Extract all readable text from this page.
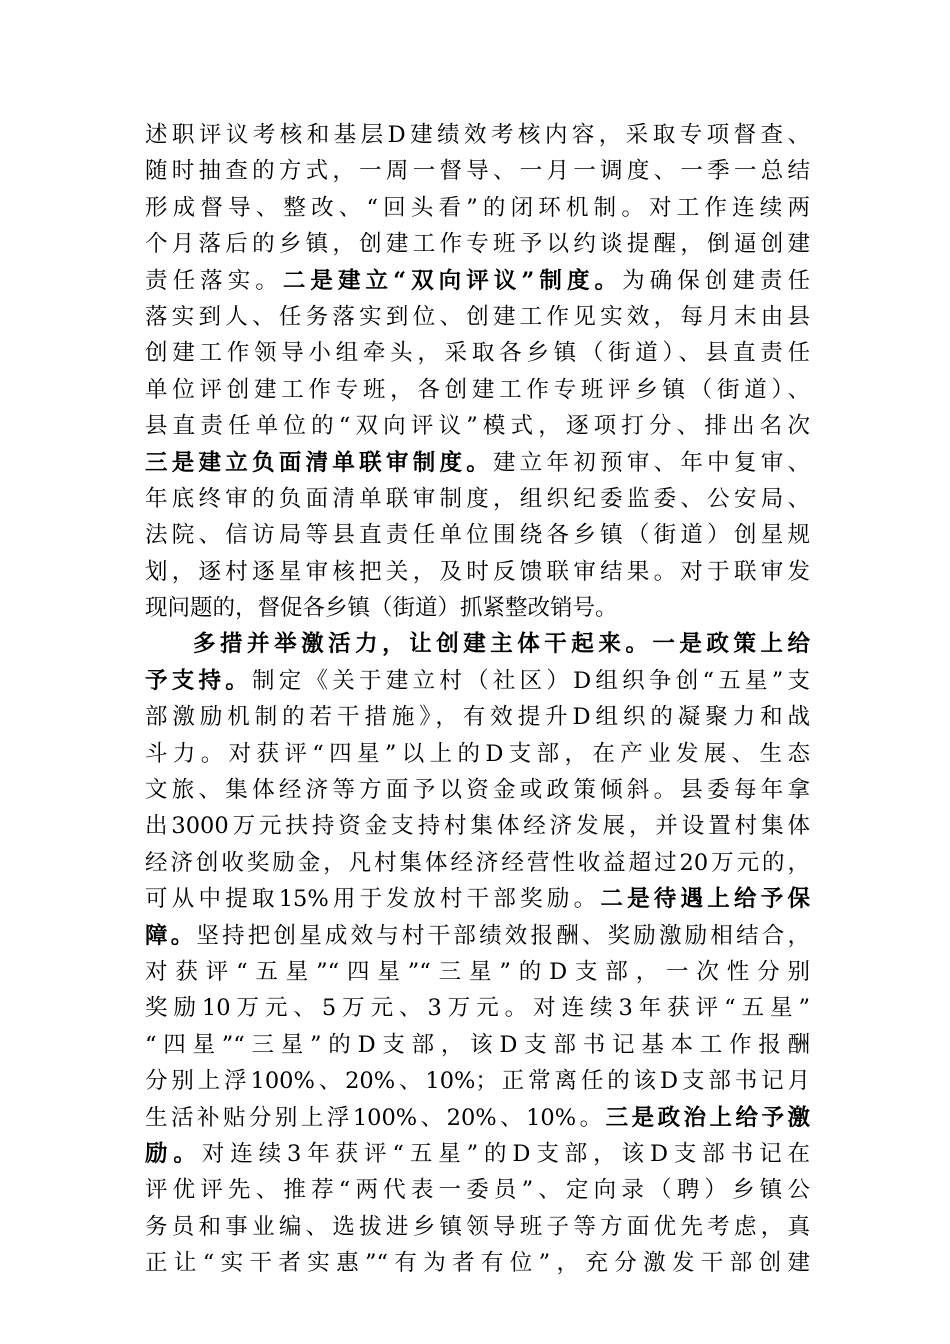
述职评议考核和基层D建绩效考核内容，采取专项督查、
随时抽查的方式，一周一督导、一月一调度、一季一总结
形成督导、整改、“回头看”的闭环机制。对工作连续两
个月落后的乡镇，创建工作专班予以约谈提醒，倒逼创建
责任落实。二是建立“双向评议”制度。为确保创建责任
落实到人、任务落实到位、创建工作见实效，每月末由县
创建工作领导小组牵头，采取各乡镇（街道）、县直责任
单位评创建工作专班，各创建工作专班评乡镇（街道）、
县直责任单位的“双向评议”模式，逐项打分、排出名次
三是建立负面清单联审制度。建立年初预审、年中复审、
年底终审的负面清单联审制度，组织纪委监委、公安局、
法院、信访局等县直责任单位围绕各乡镇（街道）创星规
划，逐村逐星审核把关，及时反馈联审结果。对于联审发
现问题的，督促各乡镇（街道）抓紧整改销号。
多措并举激活力，让创建主体干起来。一是政策上给
予支持。制定《关于建立村（社区）D组织争创“五星”支
部激励机制的若干措施》，有效提升D组织的凝聚力和战
斗力。对获评“四星”以上的D支部，在产业发展、生态
文旅、集体经济等方面予以资金或政策倾斜。县委每年拿
出3000万元扶持资金支持村集体经济发展，并设置村集体
经济创收奖励金，凡村集体经济经营性收益超过20万元的，
可从中提取15%用于发放村干部奖励。二是待遇上给予保
障。坚持把创星成效与村干部绩效报酬、奖励激励相结合，
对获评“五星”“四星”“三星”的D支部，一次性分别
奖励10万元、5万元、3万元。对连续3年获评“五星”
“四星”“三星”的D支部，该D支部书记基本工作报酬
分别上浮100%、20%、10%；正常离任的该D支部书记月
生活补贴分别上浮100%、20%、10%。三是政治上给予激
励。对连续3年获评“五星”的D支部，该D支部书记在
评优评先、推荐“两代表一委员”、定向录（聘）乡镇公
务员和事业编、选拔进乡镇领导班子等方面优先考虑，真
正让“实干者实惠”“有为者有位”，充分激发干部创建
